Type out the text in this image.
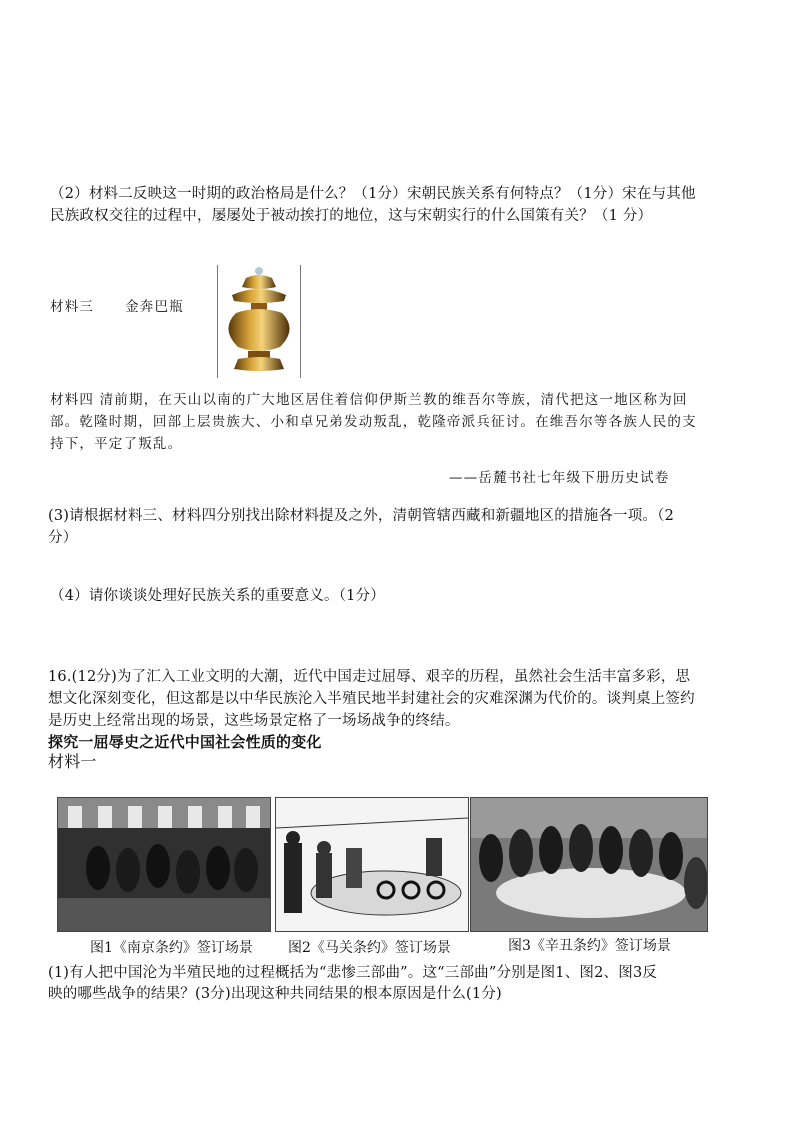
（2）材料二反映这一时期的政治格局是什么？（1分）宋朝民族关系有何特点？（1分）宋在与其他
民族政权交往的过程中，屡屡处于被动挨打的地位，这与宋朝实行的什么国策有关？（1 分）
材料三 金奔巴瓶
材料四 清前期，在天山以南的广大地区居住着信仰伊斯兰教的维吾尔等族，清代把这一地区称为回
部。乾隆时期，回部上层贵族大、小和卓兄弟发动叛乱，乾隆帝派兵征讨。在维吾尔等各族人民的支
持下，平定了叛乱。
——岳麓书社七年级下册历史试卷
(3)请根据材料三、材料四分别找出除材料提及之外，清朝管辖西藏和新疆地区的措施各一项。（2
分）
（4）请你谈谈处理好民族关系的重要意义。（1分）
16.(12分)为了汇入工业文明的大潮，近代中国走过屈辱、艰辛的历程，虽然社会生活丰富多彩，思
想文化深刻变化，但这都是以中华民族沦入半殖民地半封建社会的灾难深渊为代价的。谈判桌上签约
是历史上经常出现的场景，这些场景定格了一场场战争的终结。
探究一屈辱史之近代中国社会性质的变化
材料一
图1《南京条约》签订场景	图2《马关条约》签订场景	图3《辛丑条约》签订场景
(1)有人把中国沦为半殖民地的过程概括为“悲惨三部曲”。这“三部曲”分别是图1、图2、图3反
映的哪些战争的结果？(3分)出现这种共同结果的根本原因是什么(1分)
